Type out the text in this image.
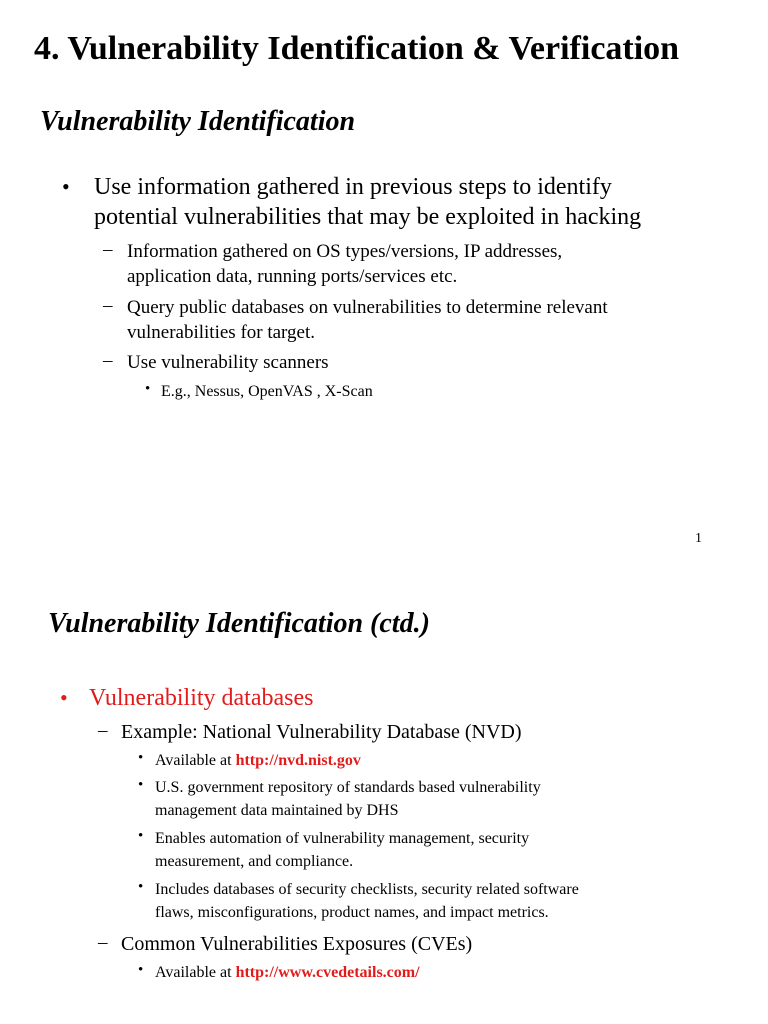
4. Vulnerability Identification & Verification
Vulnerability Identification
• Use information gathered in previous steps to identify
potential vulnerabilities that may be exploited in hacking
– Information gathered on OS types/versions, IP addresses,
application data, running ports/services etc.
– Query public databases on vulnerabilities to determine relevant
vulnerabilities for target.
– Use vulnerability scanners
• E.g., Nessus, OpenVAS , X-Scan
1
Vulnerability Identification (ctd.)
• Vulnerability databases
– Example: National Vulnerability Database (NVD)
• Available at http://nvd.nist.gov
• U.S. government repository of standards based vulnerability
management data maintained by DHS
• Enables automation of vulnerability management, security
measurement, and compliance.
• Includes databases of security checklists, security related software
flaws, misconfigurations, product names, and impact metrics.
– Common Vulnerabilities Exposures (CVEs)
• Available at http://www.cvedetails.com/
